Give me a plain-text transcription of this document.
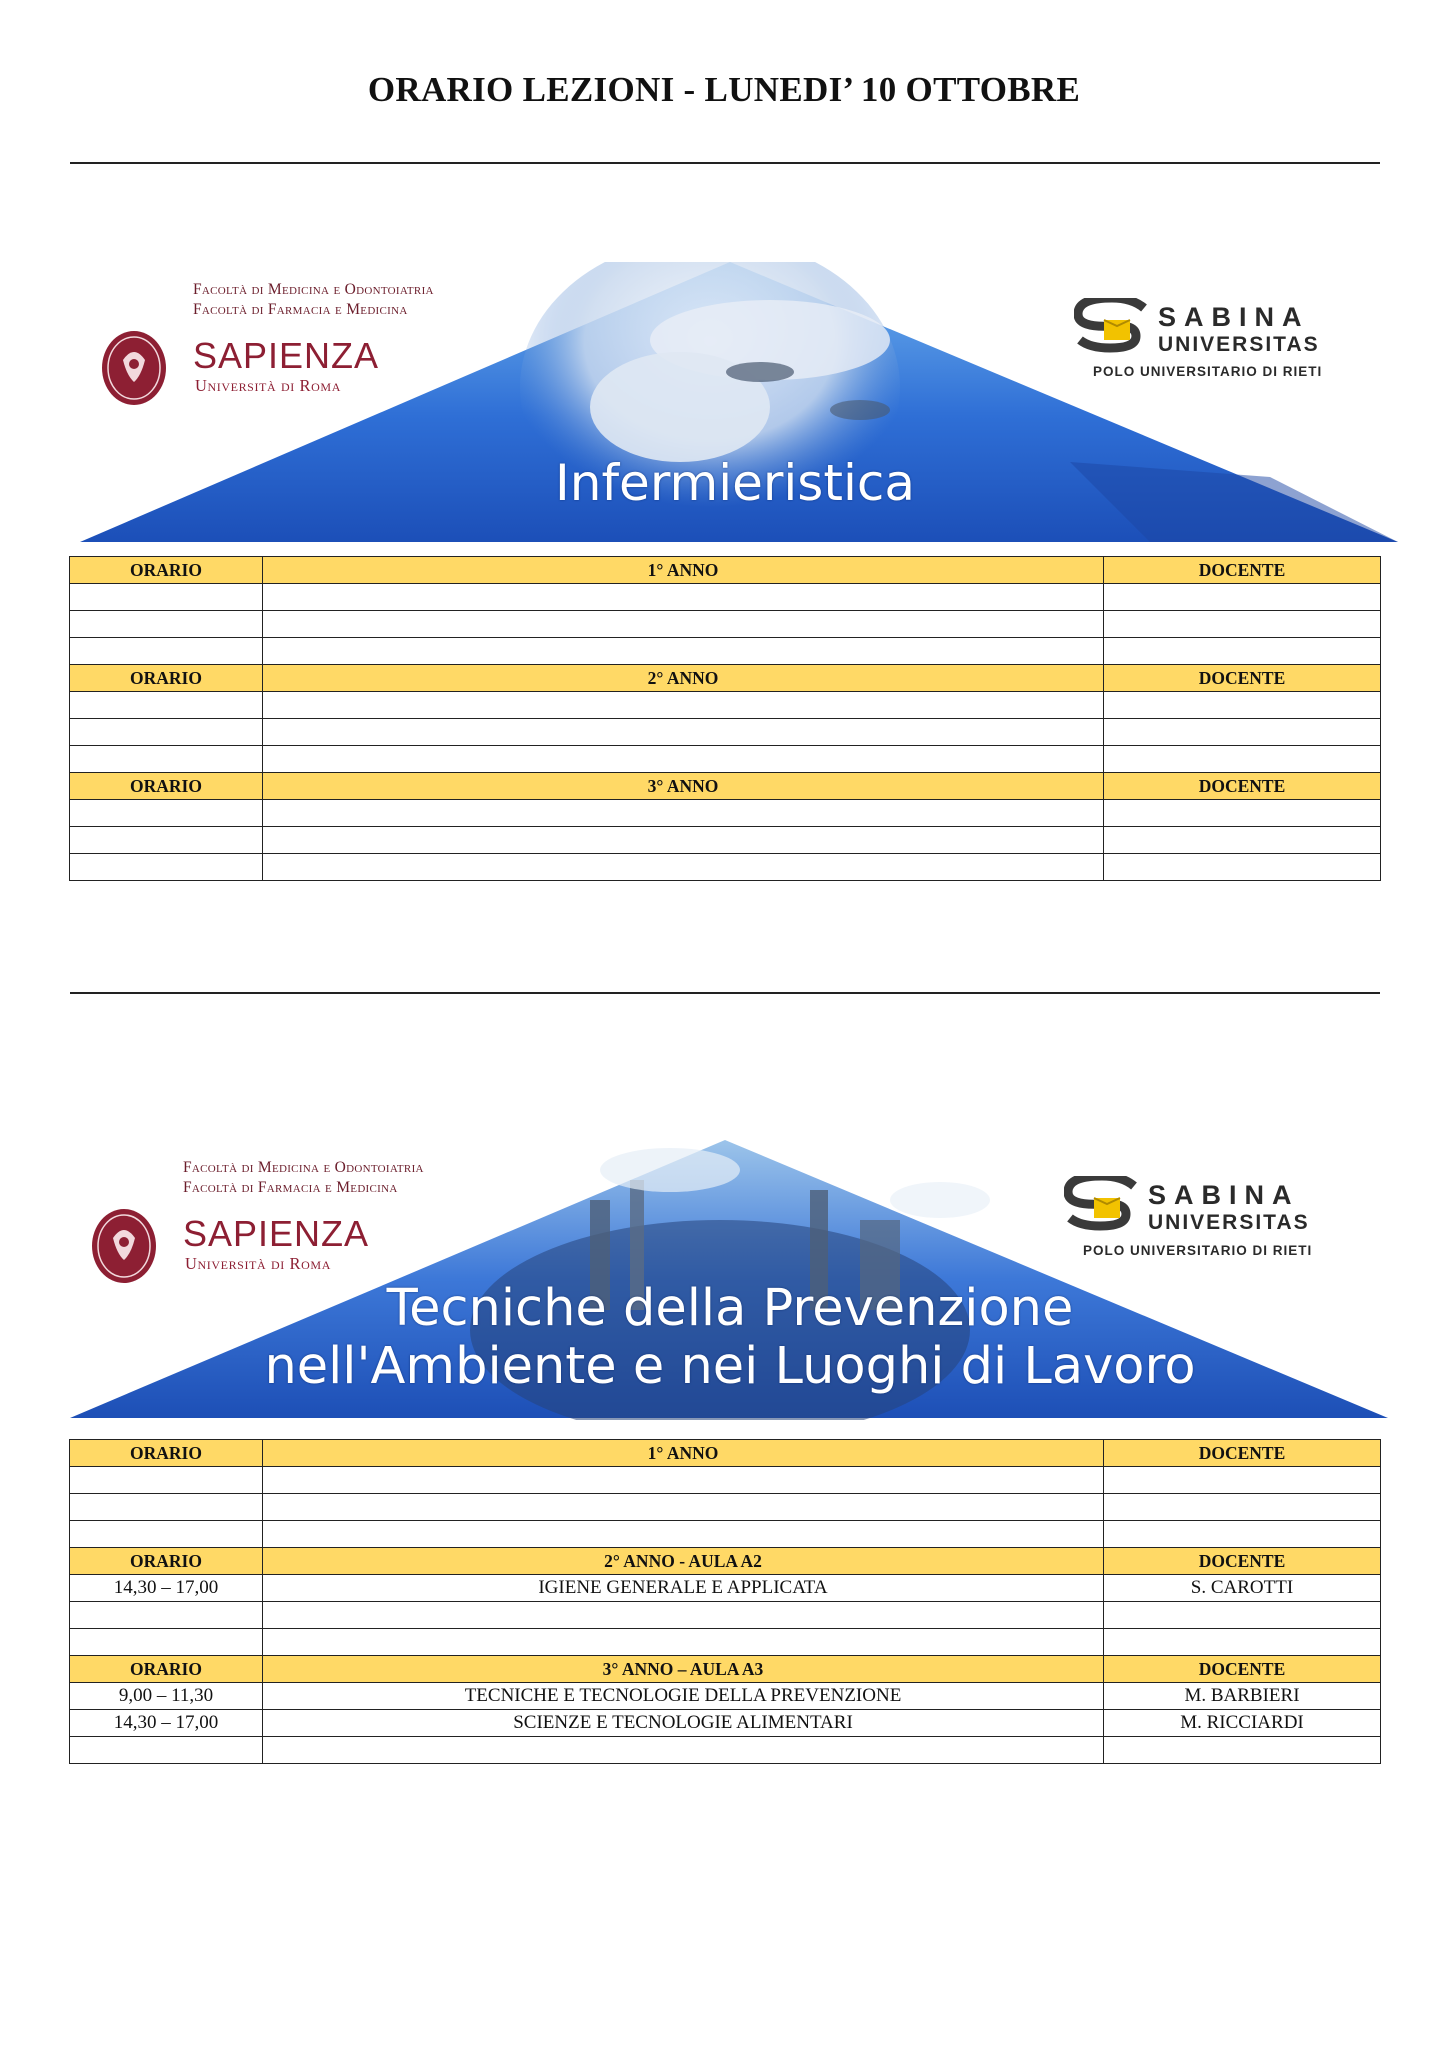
ORARIO LEZIONI - LUNEDI’ 10 OTTOBRE
Infermieristica
Facoltà di Medicina e Odontoiatria
Facoltà di Farmacia e Medicina
SAPIENZA
Università di Roma
SABINA
UNIVERSITAS
POLO UNIVERSITARIO DI RIETI
ORARIO	1° ANNO	DOCENTE

ORARIO	2° ANNO	DOCENTE

ORARIO	3° ANNO	DOCENTE

Tecniche della Prevenzione
nell'Ambiente e nei Luoghi di Lavoro
Facoltà di Medicina e Odontoiatria
Facoltà di Farmacia e Medicina
SAPIENZA
Università di Roma
SABINA
UNIVERSITAS
POLO UNIVERSITARIO DI RIETI
ORARIO	1° ANNO	DOCENTE

ORARIO	2° ANNO - AULA A2	DOCENTE
14,30 – 17,00	IGIENE GENERALE E APPLICATA	S. CAROTTI

ORARIO	3° ANNO – AULA A3	DOCENTE
9,00 – 11,30	TECNICHE E TECNOLOGIE DELLA PREVENZIONE	M. BARBIERI
14,30 – 17,00	SCIENZE E TECNOLOGIE ALIMENTARI	M. RICCIARDI
